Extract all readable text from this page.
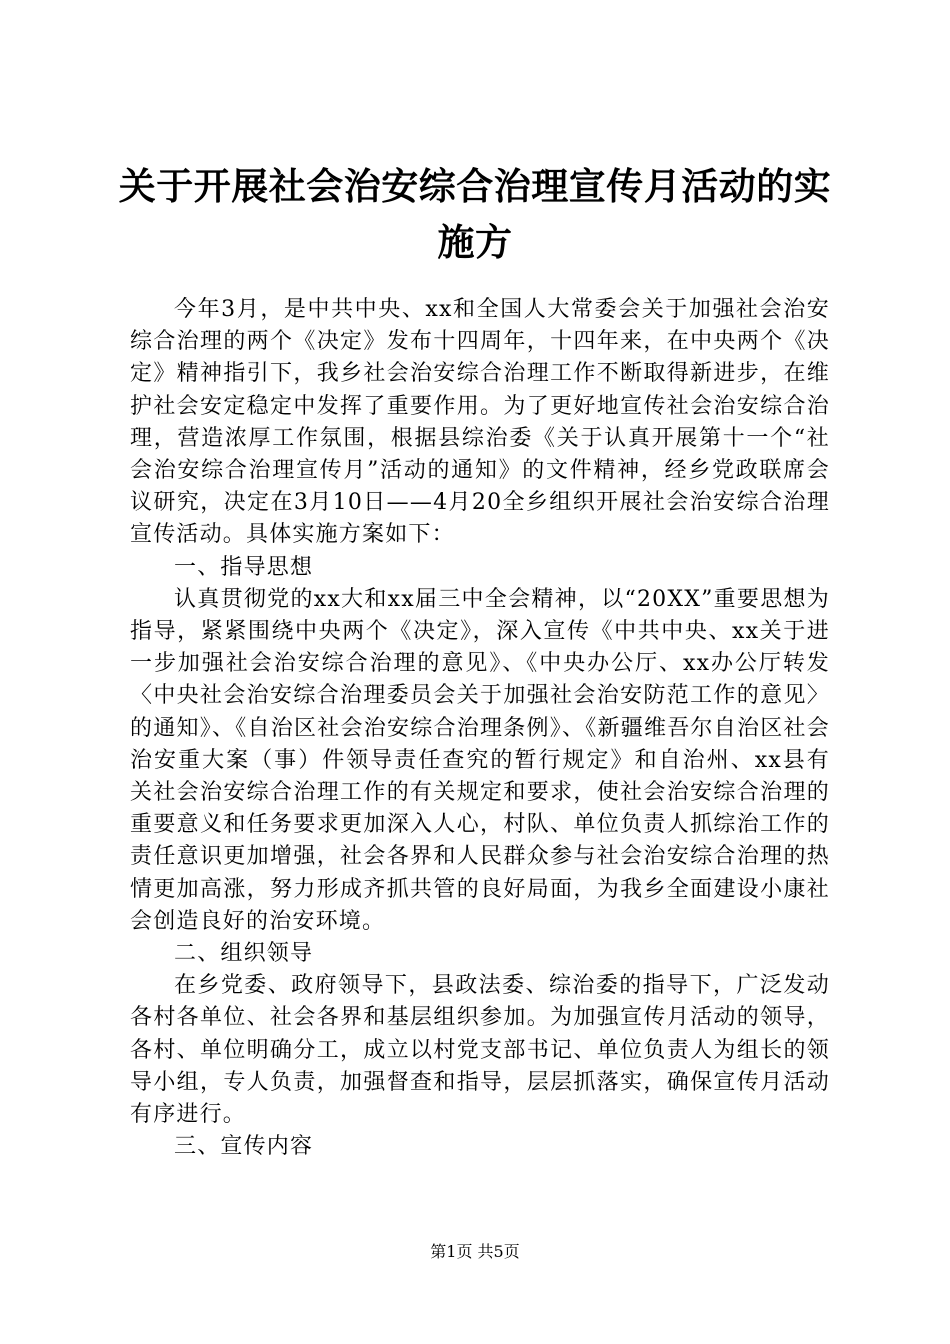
关于开展社会治安综合治理宣传月活动的实施方

今年3月，是中共中央、xx和全国人大常委会关于加强社会治安综合治理的两个《决定》发布十四周年，十四年来，在中央两个《决定》精神指引下，我乡社会治安综合治理工作不断取得新进步，在维护社会安定稳定中发挥了重要作用。为了更好地宣传社会治安综合治理，营造浓厚工作氛围，根据县综治委《关于认真开展第十一个“社会治安综合治理宣传月”活动的通知》的文件精神，经乡党政联席会议研究，决定在3月10日——4月20全乡组织开展社会治安综合治理宣传活动。具体实施方案如下：

一、指导思想

认真贯彻党的xx大和xx届三中全会精神，以“20XX”重要思想为指导，紧紧围绕中央两个《决定》，深入宣传《中共中央、xx关于进一步加强社会治安综合治理的意见》、《中央办公厅、xx办公厅转发〈中央社会治安综合治理委员会关于加强社会治安防范工作的意见〉的通知》、《自治区社会治安综合治理条例》、《新疆维吾尔自治区社会治安重大案（事）件领导责任查究的暂行规定》和自治州、xx县有关社会治安综合治理工作的有关规定和要求，使社会治安综合治理的重要意义和任务要求更加深入人心，村队、单位负责人抓综治工作的责任意识更加增强，社会各界和人民群众参与社会治安综合治理的热情更加高涨，努力形成齐抓共管的良好局面，为我乡全面建设小康社会创造良好的治安环境。

二、组织领导

在乡党委、政府领导下，县政法委、综治委的指导下，广泛发动各村各单位、社会各界和基层组织参加。为加强宣传月活动的领导，各村、单位明确分工，成立以村党支部书记、单位负责人为组长的领导小组，专人负责，加强督查和指导，层层抓落实，确保宣传月活动有序进行。

三、宣传内容

第1页 共5页
